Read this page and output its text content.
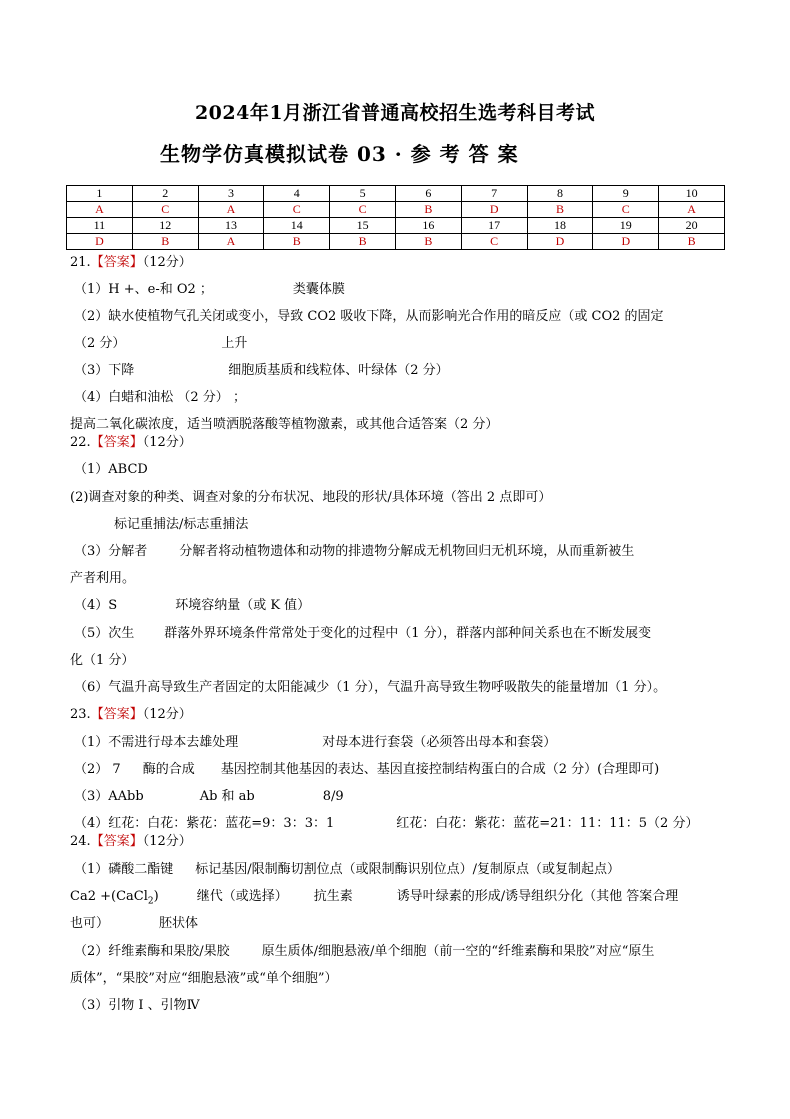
2024年1月浙江省普通高校招生选考科目考试
生物学仿真模拟试卷 03 · 参 考 答 案
1	2	3	4	5	6	7	8	9	10
A	C	A	C	C	B	D	B	C	A
11	12	13	14	15	16	17	18	19	20
D	B	A	B	B	B	C	D	D	B
21.【答案】（12分）
（1）H +、e-和 O2 ；	类囊体膜
（2）缺水使植物气孔关闭或变小，导致 CO2 吸收下降，从而影响光合作用的暗反应（或 CO2 的固定
（2 分）	上升
（3）下降	细胞质基质和线粒体、叶绿体（2 分）
（4）白蜡和油松 （2 分） ；
提高二氧化碳浓度，适当喷洒脱落酸等植物激素，或其他合适答案（2 分）
22.【答案】（12分）
（1）ABCD
(2)调查对象的种类、调查对象的分布状况、地段的形状/具体环境（答出 2 点即可）
标记重捕法/标志重捕法
（3）分解者 分解者将动植物遗体和动物的排遗物分解成无机物回归无机环境，从而重新被生
产者利用。
（4）S	环境容纳量（或 K 值）
（5）次生 群落外界环境条件常常处于变化的过程中（1 分），群落内部种间关系也在不断发展变
化（1 分）
（6）气温升高导致生产者固定的太阳能减少（1 分），气温升高导致生物呼吸散失的能量增加（1 分）。
23.【答案】（12分）
（1）不需进行母本去雄处理	对母本进行套袋（必须答出母本和套袋）
（2） 7 酶的合成 基因控制其他基因的表达、基因直接控制结构蛋白的合成（2 分）(合理即可)
（3）AAbb	Ab 和 ab	8/9
（4）红花：白花：紫花：蓝花=9：3：3：1	红花：白花：紫花：蓝花=21：11：11：5（2 分）
24.【答案】（12分）
（1）磷酸二酯键 标记基因/限制酶切割位点（或限制酶识别位点）/复制原点（或复制起点）
Ca2 +(CaCl$_2$)	继代（或选择） 抗生素	诱导叶绿素的形成/诱导组织分化（其他 答案合理
也可）	胚状体
（2）纤维素酶和果胶/果胶 原生质体/细胞悬液/单个细胞（前一空的“纤维素酶和果胶”对应“原生
质体”，“果胶”对应“细胞悬液”或“单个细胞”）
（3）引物 I 、引物Ⅳ
